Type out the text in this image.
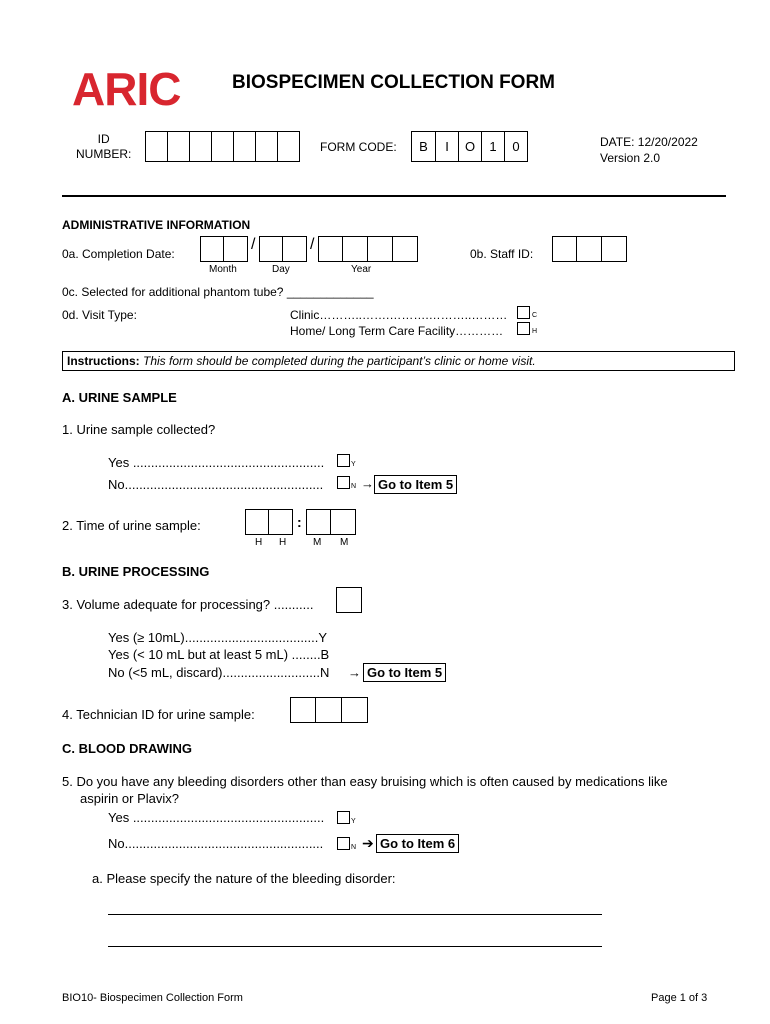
ARIC	BIOSPECIMEN COLLECTION FORM
ID
NUMBER:	FORM CODE:	B	I	O	1	0	DATE: 12/20/2022
Version 2.0
ADMINISTRATIVE INFORMATION
0a. Completion Date:
/	/
Month	Day	Year
0b. Staff ID:
0c. Selected for additional phantom tube? _____________
0d. Visit Type:	Clinic………..…….……….………..………	C
Home/ Long Term Care Facility…………	H
Instructions: This form should be completed during the participant’s clinic or home visit.
A. URINE SAMPLE
1. Urine sample collected?
Yes .....................................................	Y
No.......................................................	N → Go to Item 5
2. Time of urine sample:	:
H H	M M
B. URINE PROCESSING
3. Volume adequate for processing? ...........
Yes (≥ 10mL).....................................Y
Yes (< 10 mL but at least 5 mL) ........B
No (<5 mL, discard)...........................N → Go to Item 5
4. Technician ID for urine sample:
C. BLOOD DRAWING
5. Do you have any bleeding disorders other than easy bruising which is often caused by medications like
aspirin or Plavix?
Yes .....................................................	Y
No.......................................................	N ➔ Go to Item 6
a. Please specify the nature of the bleeding disorder:
BIO10- Biospecimen Collection Form	Page 1 of 3
